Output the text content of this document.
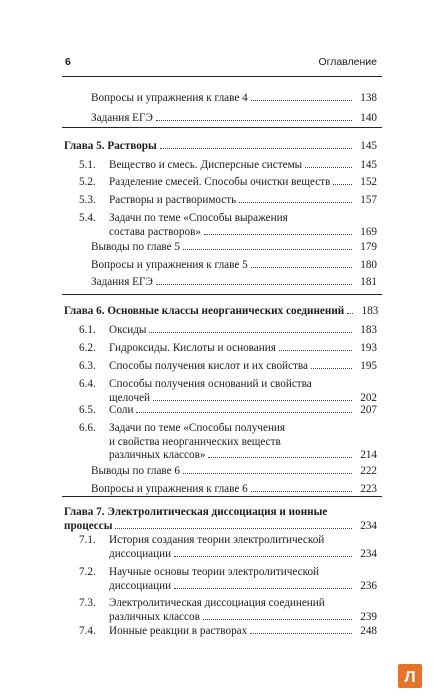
6	Оглавление
Вопросы и упражнения к главе 4	138
Задания ЕГЭ	140
Глава 5.
Растворы	145
5.1. Вещество и смесь. Дисперсные системы	145
5.2. Разделение смесей. Способы очистки веществ	152
5.3. Растворы и растворимость	157
5.4. Задачи по теме «Способы выражения
состава растворов»	169
Выводы по главе 5	179
Вопросы и упражнения к главе 5	180
Задания ЕГЭ	181
Глава 6.
Основные классы неорганических соединений	183
6.1. Оксиды	183
6.2. Гидроксиды. Кислоты и основания	193
6.3. Способы получения кислот и их свойства	195
6.4. Способы получения оснований и свойства
щелочей	202
6.5. Соли	207
6.6. Задачи по теме «Способы получения
и свойства неорганических веществ
различных классов»	214
Выводы по главе 6	222
Вопросы и упражнения к главе 6	223
Глава 7.
Электролитическая диссоциация и ионные
процессы	234
7.1. История создания теории электролитической
диссоциации	234
7.2. Научные основы теории электролитической
диссоциации	236
7.3. Электролитическая диссоциация соединений
различных классов	239
7.4. Ионные реакции в растворах	248
Л
